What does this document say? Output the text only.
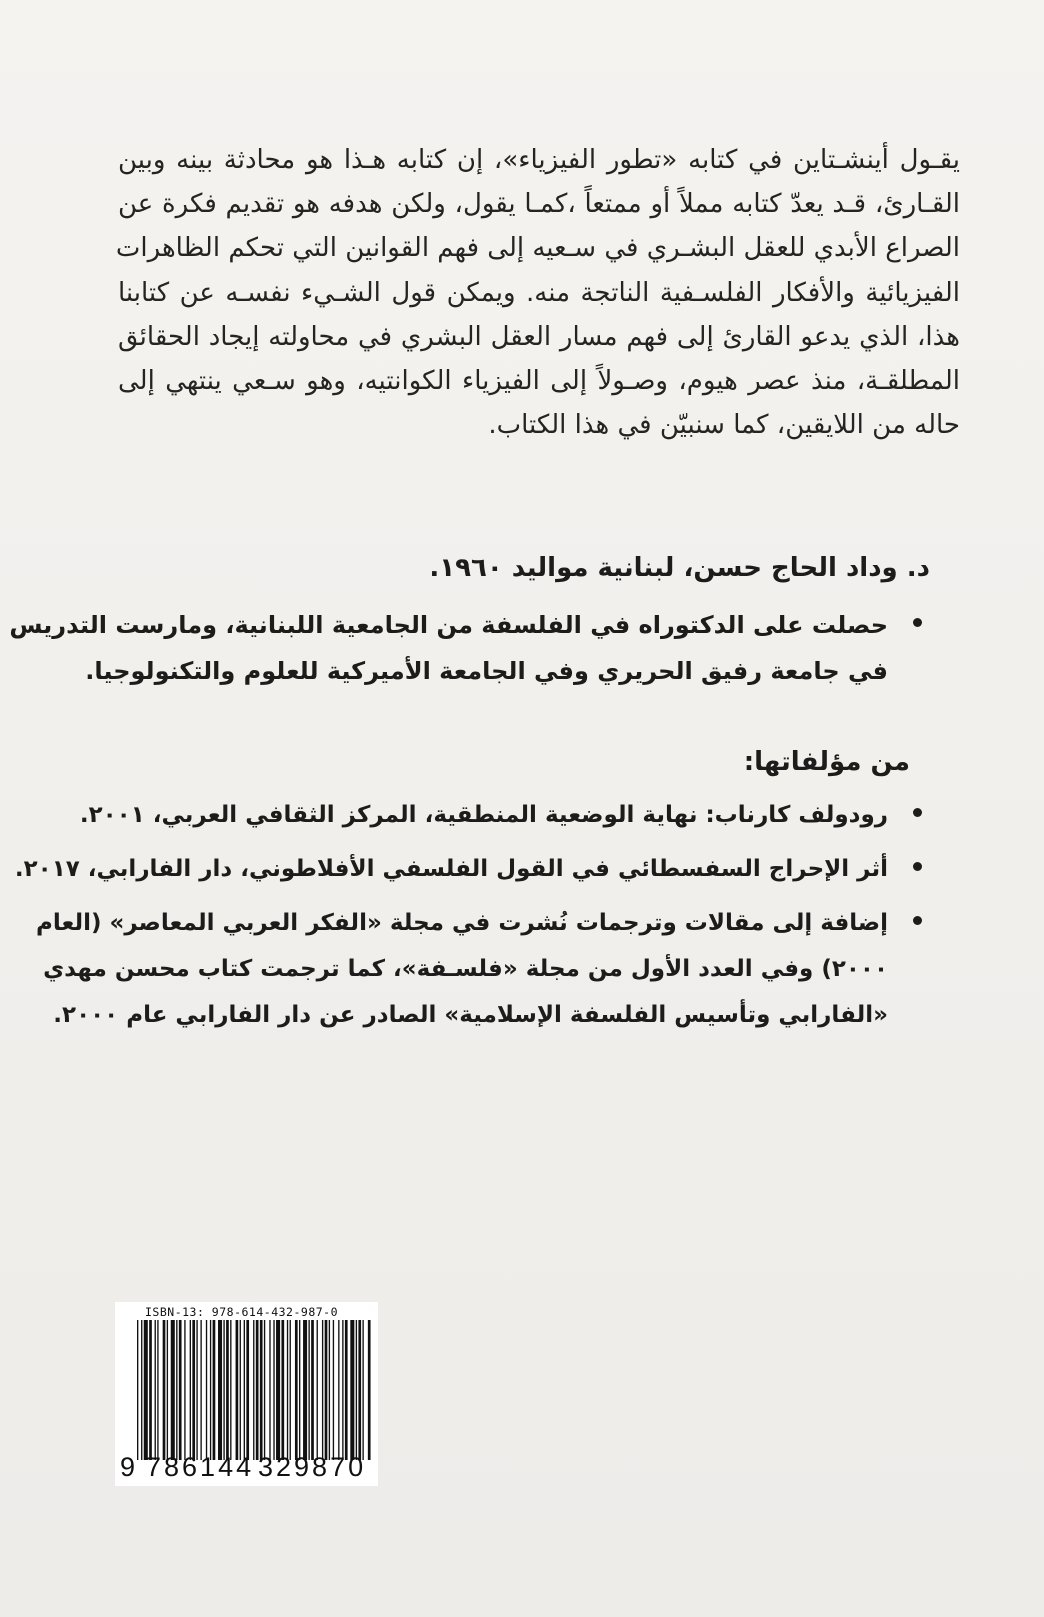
يقـول أينشـتاين في كتابه «تطور الفيزياء»، إن كتابه هـذا هو محادثة بينه وبين
القـارئ، قـد يعدّ كتابه مملاً أو ممتعاً ،كمـا يقول، ولكن هدفه هو تقديم فكرة عن
الصراع الأبدي للعقل البشـري في سـعيه إلى فهم القوانين التي تحكم الظاهرات
الفيزيائية والأفكار الفلسـفية الناتجة منه. ويمكن قول الشـيء نفسـه عن كتابنا
هذا، الذي يدعو القارئ إلى فهم مسار العقل البشري في محاولته إيجاد الحقائق
المطلقـة، منذ عصر هيوم، وصـولاً إلى الفيزياء الكوانتيه، وهو سـعي ينتهي إلى
حاله من اللايقين، كما سنبيّن في هذا الكتاب.
د. وداد الحاج حسن، لبنانية مواليد ١٩٦٠.
حصلت على الدكتوراه في الفلسفة من الجامعية اللبنانية، ومارست التدريس
في جامعة رفيق الحريري وفي الجامعة الأميركية للعلوم والتكنولوجيا.
من مؤلفاتها:
رودولف كارناب: نهاية الوضعية المنطقية، المركز الثقافي العربي، ٢٠٠١.
أثر الإحراج السفسطائي في القول الفلسفي الأفلاطوني، دار الفارابي، ٢٠١٧.
إضافة إلى مقالات وترجمات نُشرت في مجلة «الفكر العربي المعاصر» (العام
٢٠٠٠) وفي العدد الأول من مجلة «فلسـفة»، كما ترجمت كتاب محسن مهدي
«الفارابي وتأسيس الفلسفة الإسلامية» الصادر عن دار الفارابي عام ٢٠٠٠.
ISBN-13: 978-614-432-987-0
9 786144 329870
